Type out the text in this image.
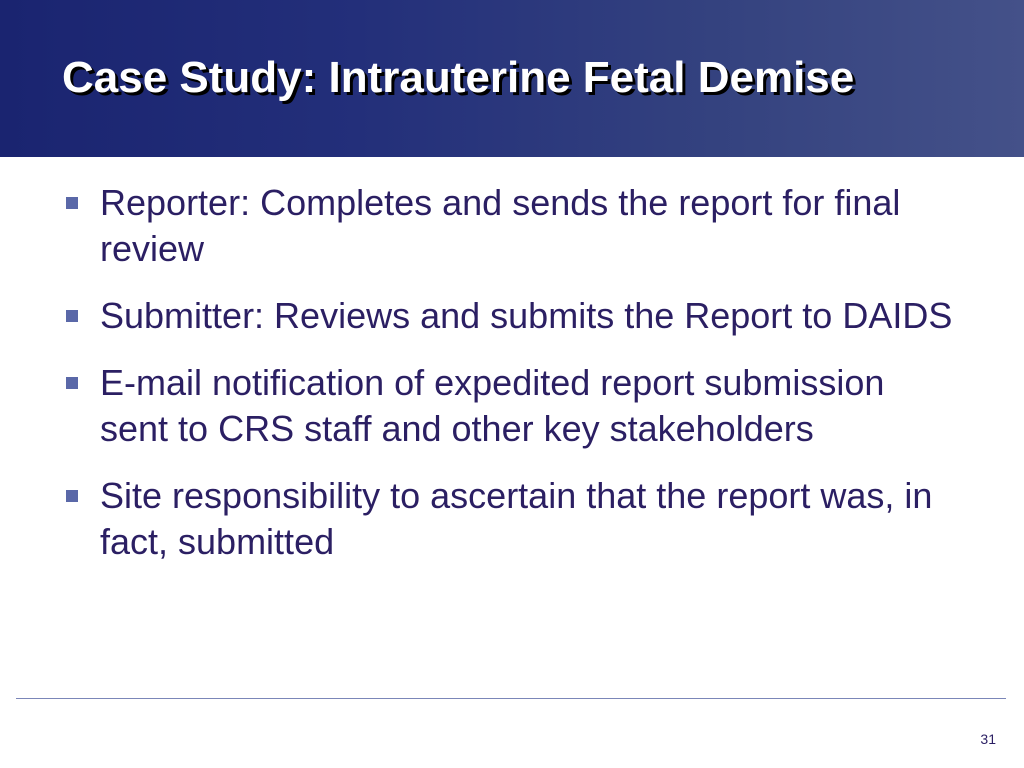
Case Study: Intrauterine Fetal Demise
Reporter: Completes and sends the report for final review
Submitter: Reviews and submits the Report to DAIDS
E-mail notification of expedited report submission sent to CRS staff and other key stakeholders
Site responsibility to ascertain that the report was, in fact, submitted
31
